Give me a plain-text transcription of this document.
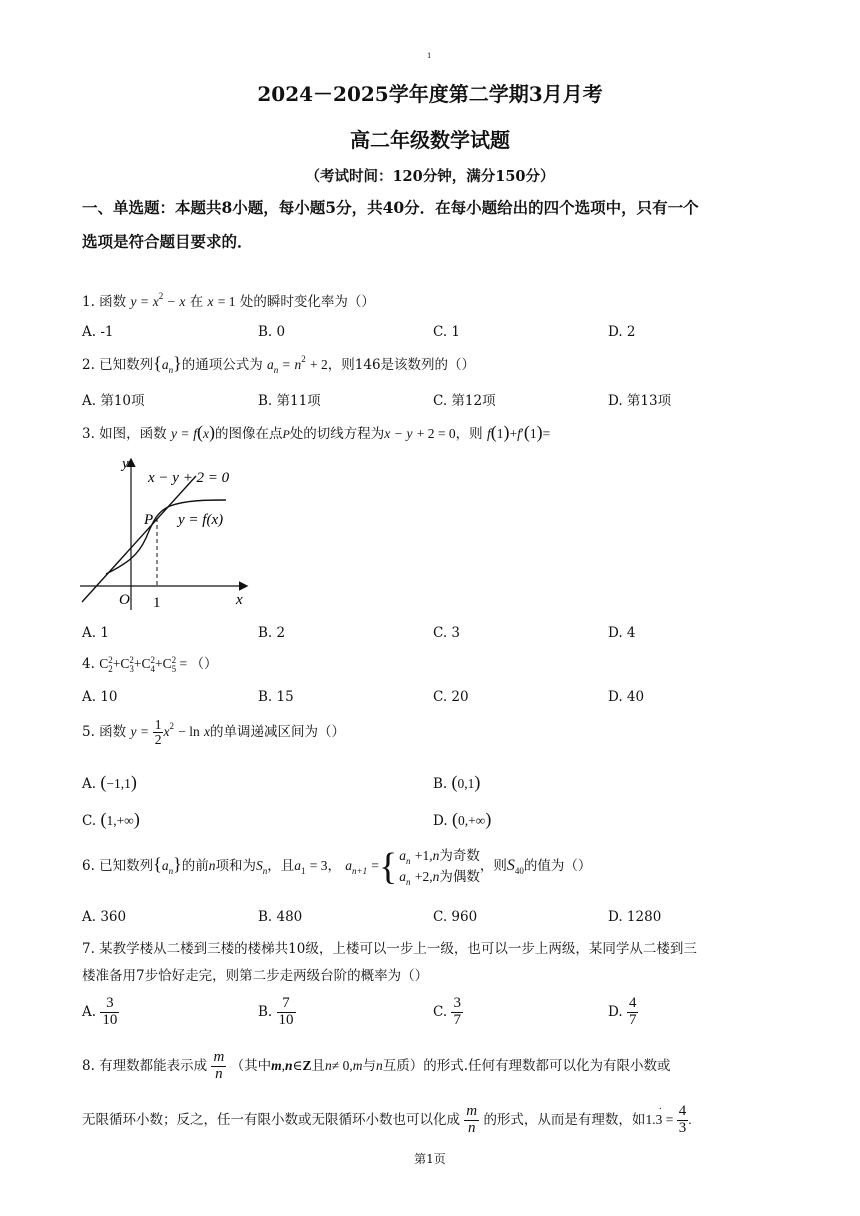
1
2024－2025学年度第二学期3月月考
高二年级数学试题
（考试时间：120分钟，满分150分）
一、单选题：本题共8小题，每小题5分，共40分．在每小题给出的四个选项中，只有一个
选项是符合题目要求的．
1. 函数 $y = x^2 - x$ 在 x = 1 处的瞬时变化率为（）
A. -1	B. 0	C. 1	D. 2
2. 已知数列$\{a_n\}$的通项公式为 $a_n = n^2 + 2$，则146是该数列的（）
A. 第10项	B. 第11项	C. 第12项	D. 第13项
3. 如图，函数 y = f(x)的图像在点P处的切线方程为x − y + 2 = 0，则 f(1)+f′(1)=
y
x
O 1
P
x − y + 2 = 0
y = f(x)
A. 1	B. 2	C. 3	D. 4
4. C2
2+C2
3+C2
4+C2
5 = （）
A. 10	B. 15	C. 20	D. 40
5. 函数 $y = \frac{1}{2} x^2 - \ln x$的单调递减区间为（）
A. (−1,1)	B. (0,1)
C. (1,+∞)	D. (0,+∞)
6. 已知数列$\{a_n\}$的前n项和为$S_n$，且$a_1 = 3$， $a_{n+1}$ ={ $a_n +1,n$为奇数
$a_n +2,n$为偶数，则$S_{40}$的值为（）
A. 360	B. 480	C. 960	D. 1280
7. 某教学楼从二楼到三楼的楼梯共10级，上楼可以一步上一级，也可以一步上两级，某同学从二楼到三
楼准备用7步恰好走完，则第二步走两级台阶的概率为（）
A. $\frac{3}{10}$	B. $\frac{7}{10}$	C. $\frac{3}{7}$	D. $\frac{4}{7}$
8. 有理数都能表示成 $\frac{m}{n}$ （其中m,n∈Z且n≠ 0,m与n互质）的形式.任何有理数都可以化为有限小数或
无限循环小数；反之，任一有限小数或无限循环小数也可以化成 $\frac{m}{n}$ 的形式，从而是有理数，如1.3
·
= $\frac{4}{3}$ .
第1页
